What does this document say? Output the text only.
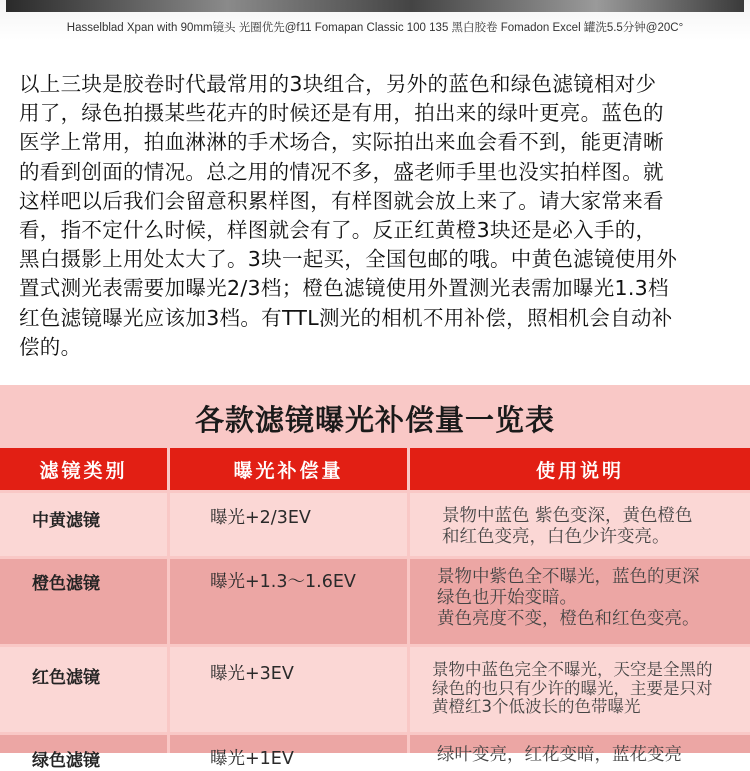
Hasselblad Xpan with 90mm镜头 光圈优先@f11 Fomapan Classic 100 135 黑白胶卷 Fomadon Excel 罐洗5.5分钟@20C°
以上三块是胶卷时代最常用的3块组合，另外的蓝色和绿色滤镜相对少
用了，绿色拍摄某些花卉的时候还是有用，拍出来的绿叶更亮。蓝色的
医学上常用，拍血淋淋的手术场合，实际拍出来血会看不到，能更清晰
的看到创面的情况。总之用的情况不多，盛老师手里也没实拍样图。就
这样吧以后我们会留意积累样图，有样图就会放上来了。请大家常来看
看，指不定什么时候，样图就会有了。反正红黄橙3块还是必入手的，
黑白摄影上用处太大了。3块一起买，全国包邮的哦。中黄色滤镜使用外
置式测光表需要加曝光2/3档；橙色滤镜使用外置测光表需加曝光1.3档
红色滤镜曝光应该加3档。有TTL测光的相机不用补偿，照相机会自动补
偿的。
各款滤镜曝光补偿量一览表
滤镜类别	曝光补偿量	使用说明
中黄滤镜	曝光+2/3EV	景物中蓝色 紫色变深，黄色橙色
和红色变亮，白色少许变亮。
橙色滤镜	曝光+1.3～1.6EV	景物中紫色全不曝光，蓝色的更深
绿色也开始变暗。
黄色亮度不变，橙色和红色变亮。
红色滤镜	曝光+3EV	景物中蓝色完全不曝光，天空是全黑的
绿色的也只有少许的曝光，主要是只对
黄橙红3个低波长的色带曝光
绿色滤镜	曝光+1EV	绿叶变亮，红花变暗，蓝花变亮
